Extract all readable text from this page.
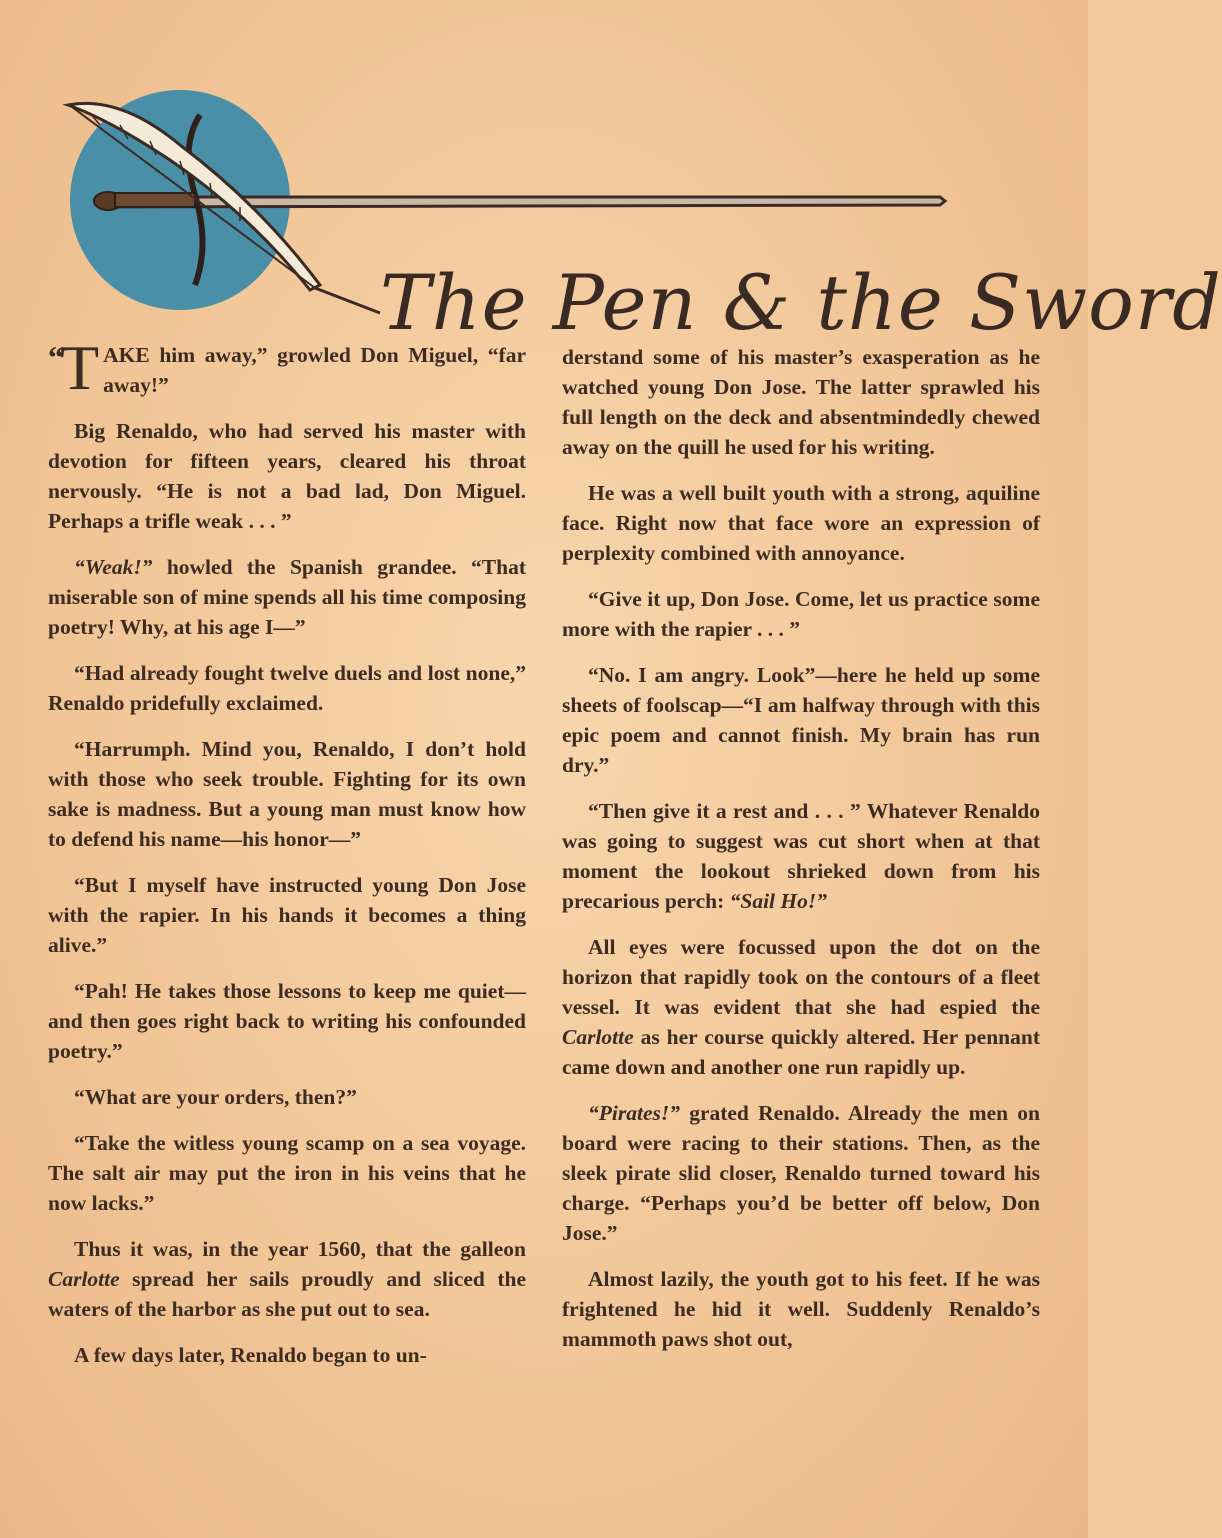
The Pen & the Sword
“ T AKE him away,” growled Don Miguel, “far away!”

Big Renaldo, who had served his master with devotion for fifteen years, cleared his throat nervously. “He is not a bad lad, Don Miguel. Perhaps a trifle weak . . . ”

“Weak!” howled the Spanish grandee. “That miserable son of mine spends all his time composing poetry! Why, at his age I—”

“Had already fought twelve duels and lost none,” Renaldo pridefully exclaimed.

“Harrumph. Mind you, Renaldo, I don’t hold with those who seek trouble. Fighting for its own sake is madness. But a young man must know how to defend his name—his honor—”

“But I myself have instructed young Don Jose with the rapier. In his hands it becomes a thing alive.”

“Pah! He takes those lessons to keep me quiet—and then goes right back to writing his confounded poetry.”

“What are your orders, then?”

“Take the witless young scamp on a sea voyage. The salt air may put the iron in his veins that he now lacks.”

Thus it was, in the year 1560, that the galleon Carlotte spread her sails proudly and sliced the waters of the harbor as she put out to sea.

A few days later, Renaldo began to un-

derstand some of his master’s exasperation as he watched young Don Jose. The latter sprawled his full length on the deck and absentmindedly chewed away on the quill he used for his writing.

He was a well built youth with a strong, aquiline face. Right now that face wore an expression of perplexity combined with annoyance.

“Give it up, Don Jose. Come, let us practice some more with the rapier . . . ”

“No. I am angry. Look”—here he held up some sheets of foolscap—“I am halfway through with this epic poem and cannot finish. My brain has run dry.”

“Then give it a rest and . . . ” Whatever Renaldo was going to suggest was cut short when at that moment the lookout shrieked down from his precarious perch: “Sail Ho!”

All eyes were focussed upon the dot on the horizon that rapidly took on the contours of a fleet vessel. It was evident that she had espied the Carlotte as her course quickly altered. Her pennant came down and another one run rapidly up.

“Pirates!” grated Renaldo. Already the men on board were racing to their stations. Then, as the sleek pirate slid closer, Renaldo turned toward his charge. “Perhaps you’d be better off below, Don Jose.”

Almost lazily, the youth got to his feet. If he was frightened he hid it well. Suddenly Renaldo’s mammoth paws shot out,
